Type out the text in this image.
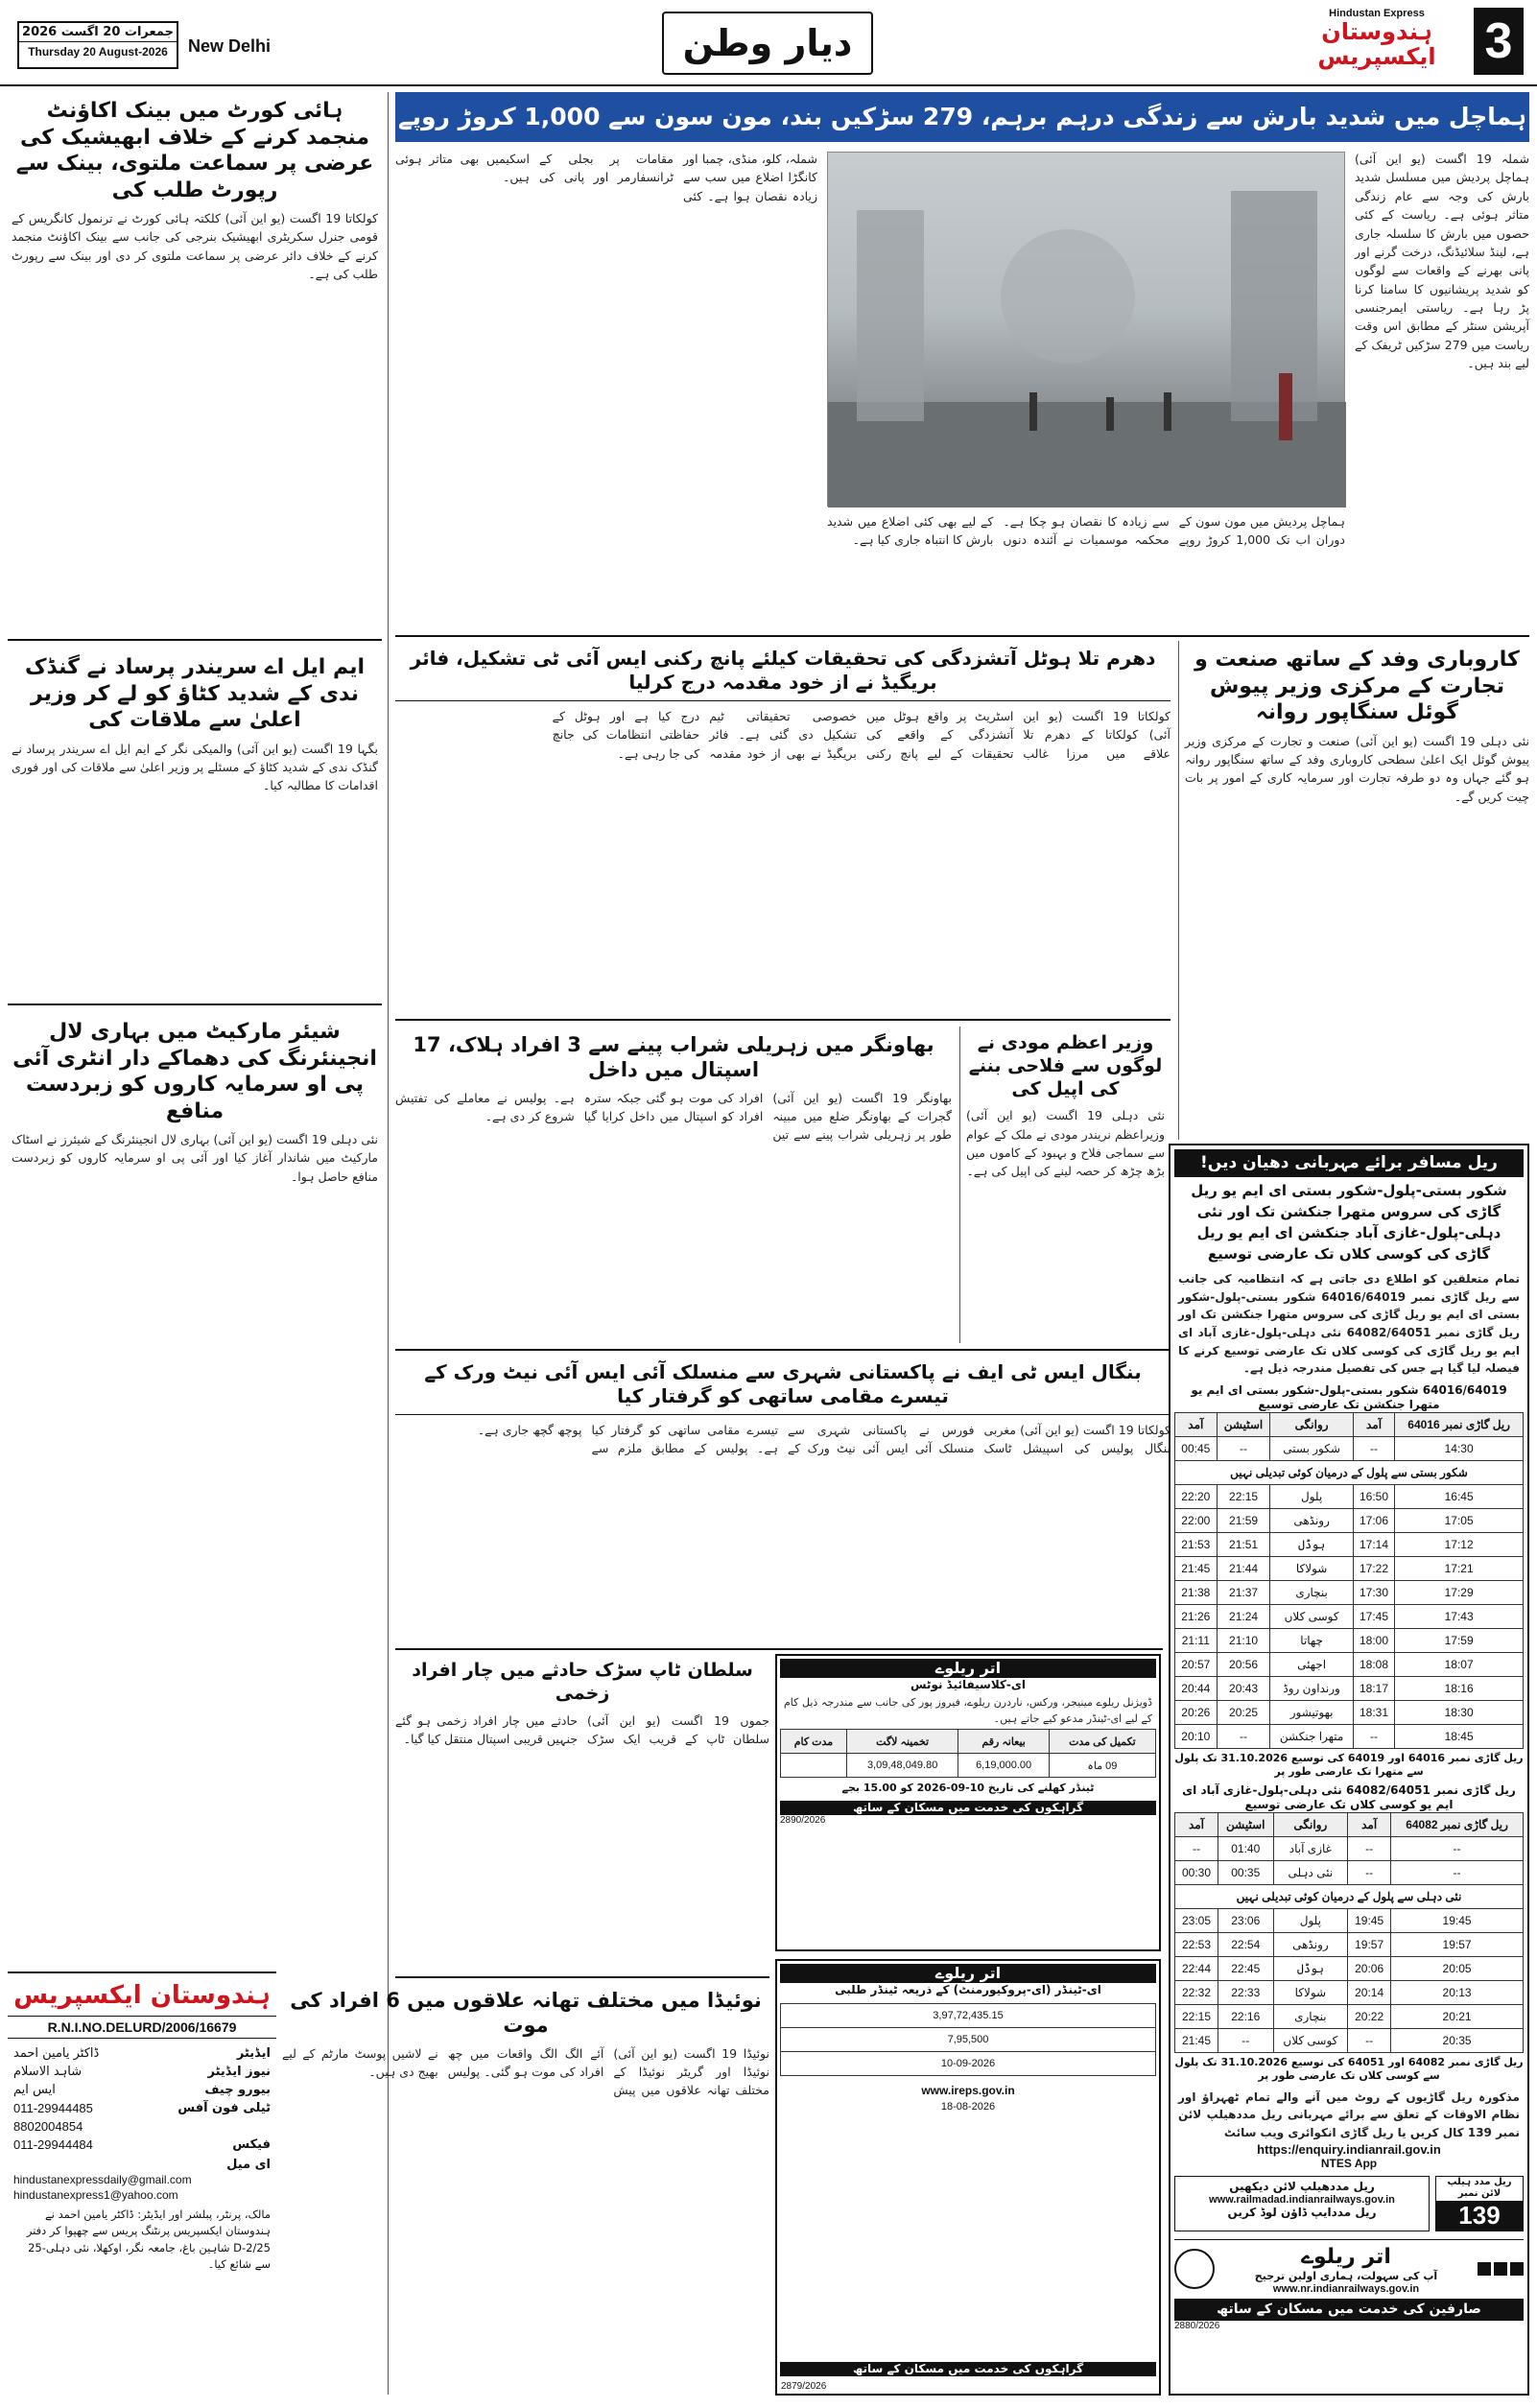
جمعرات 20 اگست 2026
Thursday 20 August-2026	New Delhi	دیار وطن
Hindustan Express
ہندوستان ایکسپریس 3
ہائی کورٹ میں بینک اکاؤنٹ منجمد کرنے کے خلاف ابھیشیک کی عرضی پر سماعت ملتوی، بینک سے رپورٹ طلب کی
کولکاتا 19 اگست (یو این آئی) کلکتہ ہائی کورٹ نے ترنمول کانگریس کے قومی جنرل سکریٹری ابھیشیک بنرجی کی جانب سے بینک اکاؤنٹ منجمد کرنے کے خلاف دائر عرضی پر سماعت ملتوی کر دی اور بینک سے رپورٹ طلب کی ہے۔
ایم ایل اے سریندر پرساد نے گنڈک ندی کے شدید کٹاؤ کو لے کر وزیر اعلیٰ سے ملاقات کی
بگہا 19 اگست (یو این آئی) والمیکی نگر کے ایم ایل اے سریندر پرساد نے گنڈک ندی کے شدید کٹاؤ کے مسئلے پر وزیر اعلیٰ سے ملاقات کی اور فوری اقدامات کا مطالبہ کیا۔
شیئر مارکیٹ میں بہاری لال انجینئرنگ کی دھماکے دار انٹری آئی پی او سرمایہ کاروں کو زبردست منافع
نئی دہلی 19 اگست (یو این آئی) بہاری لال انجینئرنگ کے شیئرز نے اسٹاک مارکیٹ میں شاندار آغاز کیا اور آئی پی او سرمایہ کاروں کو زبردست منافع حاصل ہوا۔
ہندوستان ایکسپریس
R.N.I.NO.DELURD/2006/16679
ایڈیٹر
ڈاکٹر یامین احمد
نیوز ایڈیٹر
شاہد الاسلام
بیورو چیف
ایس ایم
ٹیلی فون آفس
011-29944485
8802004854
فیکس
011-29944484
ای میل
hindustanexpressdaily@gmail.com
hindustanexpress1@yahoo.com
مالک، پرنٹر، پبلشر اور ایڈیٹر: ڈاکٹر یامین احمد نے ہندوستان ایکسپریس پرنٹنگ پریس سے چھپوا کر دفتر D-2/25 شاہین باغ، جامعہ نگر، اوکھلا، نئی دہلی-25 سے شائع کیا۔
ہماچل میں شدید بارش سے زندگی درہم برہم، 279 سڑکیں بند، مون سون سے 1,000 کروڑ روپے
شملہ 19 اگست (یو این آئی) ہماچل پردیش میں مسلسل شدید بارش کی وجہ سے عام زندگی متاثر ہوئی ہے۔ ریاست کے کئی حصوں میں بارش کا سلسلہ جاری ہے، لینڈ سلائیڈنگ، درخت گرنے اور پانی بھرنے کے واقعات سے لوگوں کو شدید پریشانیوں کا سامنا کرنا پڑ رہا ہے۔ ریاستی ایمرجنسی آپریشن سنٹر کے مطابق اس وقت ریاست میں 279 سڑکیں ٹریفک کے لیے بند ہیں۔
ہماچل پردیش میں مون سون کے دوران اب تک 1,000 کروڑ روپے سے زیادہ کا نقصان ہو چکا ہے۔ محکمہ موسمیات نے آئندہ دنوں کے لیے بھی کئی اضلاع میں شدید بارش کا انتباہ جاری کیا ہے۔
شملہ، کلو، منڈی، چمبا اور کانگڑا اضلاع میں سب سے زیادہ نقصان ہوا ہے۔ کئی مقامات پر بجلی کے ٹرانسفارمر اور پانی کی اسکیمیں بھی متاثر ہوئی ہیں۔
دھرم تلا ہوٹل آتشزدگی کی تحقیقات کیلئے پانچ رکنی ایس آئی ٹی تشکیل، فائر بریگیڈ نے از خود مقدمہ درج کرلیا
کولکاتا 19 اگست (یو این آئی) کولکاتا کے دھرم تلا علاقے میں مرزا غالب اسٹریٹ پر واقع ہوٹل میں آتشزدگی کے واقعے کی تحقیقات کے لیے پانچ رکنی خصوصی تحقیقاتی ٹیم تشکیل دی گئی ہے۔ فائر بریگیڈ نے بھی از خود مقدمہ درج کیا ہے اور ہوٹل کے حفاظتی انتظامات کی جانچ کی جا رہی ہے۔
کاروباری وفد کے ساتھ صنعت و تجارت کے مرکزی وزیر پیوش گوئل سنگاپور روانہ
نئی دہلی 19 اگست (یو این آئی) صنعت و تجارت کے مرکزی وزیر پیوش گوئل ایک اعلیٰ سطحی کاروباری وفد کے ساتھ سنگاپور روانہ ہو گئے جہاں وہ دو طرفہ تجارت اور سرمایہ کاری کے امور پر بات چیت کریں گے۔
وزیر اعظم مودی نے لوگوں سے فلاحی بننے کی اپیل کی
نئی دہلی 19 اگست (یو این آئی) وزیراعظم نریندر مودی نے ملک کے عوام سے سماجی فلاح و بہبود کے کاموں میں بڑھ چڑھ کر حصہ لینے کی اپیل کی ہے۔
بھاونگر میں زہریلی شراب پینے سے 3 افراد ہلاک، 17 اسپتال میں داخل
بھاونگر 19 اگست (یو این آئی) گجرات کے بھاونگر ضلع میں مبینہ طور پر زہریلی شراب پینے سے تین افراد کی موت ہو گئی جبکہ سترہ افراد کو اسپتال میں داخل کرایا گیا ہے۔ پولیس نے معاملے کی تفتیش شروع کر دی ہے۔
بنگال ایس ٹی ایف نے پاکستانی شہری سے منسلک آئی ایس آئی نیٹ ورک کے تیسرے مقامی ساتھی کو گرفتار کیا
کولکاتا 19 اگست (یو این آئی) مغربی بنگال پولیس کی اسپیشل ٹاسک فورس نے پاکستانی شہری سے منسلک آئی ایس آئی نیٹ ورک کے تیسرے مقامی ساتھی کو گرفتار کیا ہے۔ پولیس کے مطابق ملزم سے پوچھ گچھ جاری ہے۔
ریل مسافر برائے مہربانی دھیان دیں!
شکور بستی-پلول-شکور بستی ای ایم یو ریل گاڑی کی سروس متھرا جنکشن تک اور نئی دہلی-پلول-غازی آباد جنکشن ای ایم یو ریل گاڑی کی کوسی کلاں تک عارضی توسیع
تمام متعلقین کو اطلاع دی جاتی ہے کہ انتظامیہ کی جانب سے ریل گاڑی نمبر 64016/64019 شکور بستی-پلول-شکور بستی ای ایم یو ریل گاڑی کی سروس متھرا جنکشن تک اور ریل گاڑی نمبر 64082/64051 نئی دہلی-پلول-غازی آباد ای ایم یو ریل گاڑی کی کوسی کلاں تک عارضی توسیع کرنے کا فیصلہ لیا گیا ہے جس کی تفصیل مندرجہ ذیل ہے۔
64016/64019 شکور بستی-پلول-شکور بستی ای ایم یو متھرا جنکشن تک عارضی توسیع
ریل گاڑی نمبر 64016	آمد	روانگی	اسٹیشن	آمد
14:30	--	شکور بستی	--	00:45
شکور بستی سے پلول کے درمیان کوئی تبدیلی نہیں				
16:45	16:50	پلول	22:15	22:20
17:05	17:06	رونڈھی	21:59	22:00
17:12	17:14	ہوڈل	21:51	21:53
17:21	17:22	شولاکا	21:44	21:45
17:29	17:30	بنچاری	21:37	21:38
17:43	17:45	کوسی کلاں	21:24	21:26
17:59	18:00	چھاتا	21:10	21:11
18:07	18:08	اجھئی	20:56	20:57
18:16	18:17	ورنداون روڈ	20:43	20:44
18:30	18:31	بھوتیشور	20:25	20:26
18:45	--	متھرا جنکشن	--	20:10
ریل گاڑی نمبر 64016 اور 64019 کی توسیع 31.10.2026 تک پلول سے متھرا تک عارضی طور پر
ریل گاڑی نمبر 64082/64051 نئی دہلی-پلول-غازی آباد ای ایم یو کوسی کلاں تک عارضی توسیع
ریل گاڑی نمبر 64082	آمد	روانگی	اسٹیشن	آمد
--	--	غازی آباد	01:40	--
--	--	نئی دہلی	00:35	00:30
نئی دہلی سے پلول کے درمیان کوئی تبدیلی نہیں				
19:45	19:45	پلول	23:06	23:05
19:57	19:57	رونڈھی	22:54	22:53
20:05	20:06	ہوڈل	22:45	22:44
20:13	20:14	شولاکا	22:33	22:32
20:21	20:22	بنچاری	22:16	22:15
20:35	--	کوسی کلاں	--	21:45
ریل گاڑی نمبر 64082 اور 64051 کی توسیع 31.10.2026 تک پلول سے کوسی کلاں تک عارضی طور پر
مذکورہ ریل گاڑیوں کے روٹ میں آنے والے تمام ٹھہراؤ اور نظام الاوقات کے تعلق سے برائے مہربانی ریل مددھیلپ لائن نمبر 139 کال کریں یا ریل گاڑی انکوائری ویب سائٹ
https://enquiry.indianrail.gov.in
NTES App
ریل مددھیلپ لائن دیکھیں
www.railmadad.indianrailways.gov.in
ریل مددایپ ڈاؤن لوڈ کریں
ریل مدد ہیلپ لائن نمبر
139
اتر ریلوے
آپ کی سہولت، ہماری اولین ترجیح
www.nr.indianrailways.gov.in
صارفین کی خدمت میں مسکان کے ساتھ
2880/2026
سلطان ٹاپ سڑک حادثے میں چار افراد زخمی
جموں 19 اگست (یو این آئی) سلطان ٹاپ کے قریب ایک سڑک حادثے میں چار افراد زخمی ہو گئے جنہیں قریبی اسپتال منتقل کیا گیا۔
اتر ریلوے
ای-کلاسیفائیڈ نوٹس
ڈویژنل ریلوے مینیجر، ورکس، ناردرن ریلوے، فیروز پور کی جانب سے مندرجہ ذیل کام کے لیے ای-ٹینڈر مدعو کیے جاتے ہیں۔
تکمیل کی مدت	بیعانہ رقم	تخمینہ لاگت	مدت کام
09 ماہ	6,19,000.00	3,09,48,049.80	
ٹینڈر کھلنے کی تاریخ 10-09-2026 کو 15.00 بجے
گراہکوں کی خدمت میں مسکان کے ساتھ
2890/2026
نوئیڈا میں مختلف تھانہ علاقوں میں 6 افراد کی موت
نوئیڈا 19 اگست (یو این آئی) نوئیڈا اور گریٹر نوئیڈا کے مختلف تھانہ علاقوں میں پیش آئے الگ الگ واقعات میں چھ افراد کی موت ہو گئی۔ پولیس نے لاشیں پوسٹ مارٹم کے لیے بھیج دی ہیں۔
اتر ریلوے
ای-ٹینڈر (ای-پروکیورمنٹ) کے ذریعہ ٹینڈر طلبی
3,97,72,435.15
7,95,500
10-09-2026
www.ireps.gov.in
18-08-2026
گراہکوں کی خدمت میں مسکان کے ساتھ
2879/2026
